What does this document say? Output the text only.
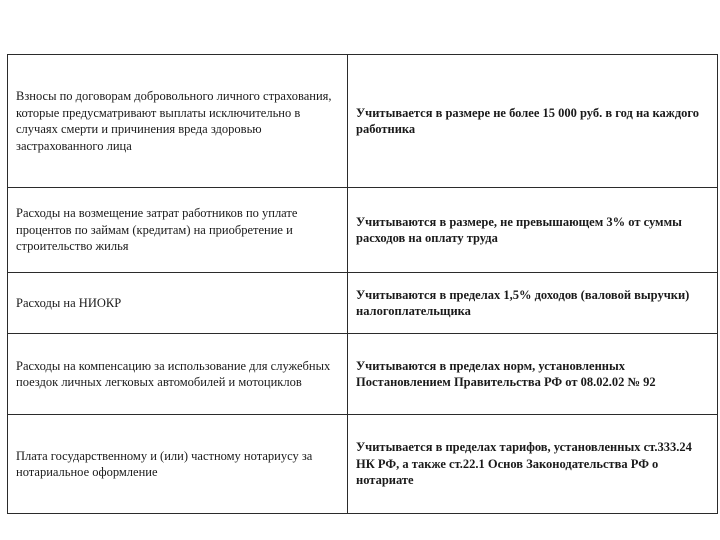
Взносы по договорам добровольного личного страхования, которые предусматривают выплаты исключительно в случаях смерти и причинения вреда здоровью застрахованного лица	Учитывается в размере не более 15 000 руб. в год на каждого работника
Расходы на возмещение затрат работников по уплате процентов по займам (кредитам) на приобретение и строительство жилья	Учитываются в размере, не превышающем 3% от суммы расходов на оплату труда
Расходы на НИОКР	Учитываются в пределах 1,5% доходов (валовой выручки) налогоплательщика
Расходы на компенсацию за использование для служебных поездок личных легковых автомобилей и мотоциклов	Учитываются в пределах норм, установленных Постановлением Правительства РФ от 08.02.02 № 92
Плата государственному и (или) частному нотариусу за нотариальное оформление	Учитывается в пределах тарифов, установленных ст.333.24 НК РФ, а также ст.22.1 Основ Законодательства РФ о нотариате
